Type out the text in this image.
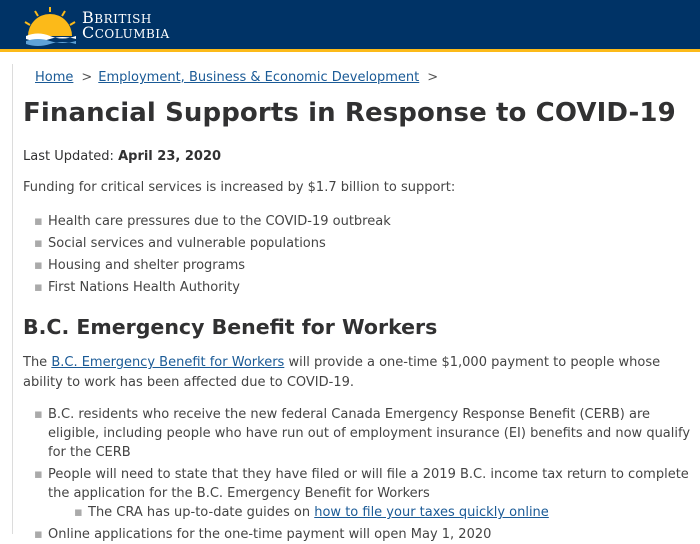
BBRITISH
CCOLUMBIA
Home > Employment, Business & Economic Development >
Financial Supports in Response to COVID-19
Last Updated: April 23, 2020
Funding for critical services is increased by $1.7 billion to support:
▪ Health care pressures due to the COVID-19 outbreak
▪ Social services and vulnerable populations
▪ Housing and shelter programs
▪ First Nations Health Authority
B.C. Emergency Benefit for Workers
The B.C. Emergency Benefit for Workers will provide a one-time $1,000 payment to people whose ability to work has been affected due to COVID-19.
▪ B.C. residents who receive the new federal Canada Emergency Response Benefit (CERB) are eligible, including people who have run out of employment insurance (EI) benefits and now qualify for the CERB
▪ People will need to state that they have filed or will file a 2019 B.C. income tax return to complete the application for the B.C. Emergency Benefit for Workers
▪ The CRA has up-to-date guides on how to file your taxes quickly online
▪ Online applications for the one-time payment will open May 1, 2020
